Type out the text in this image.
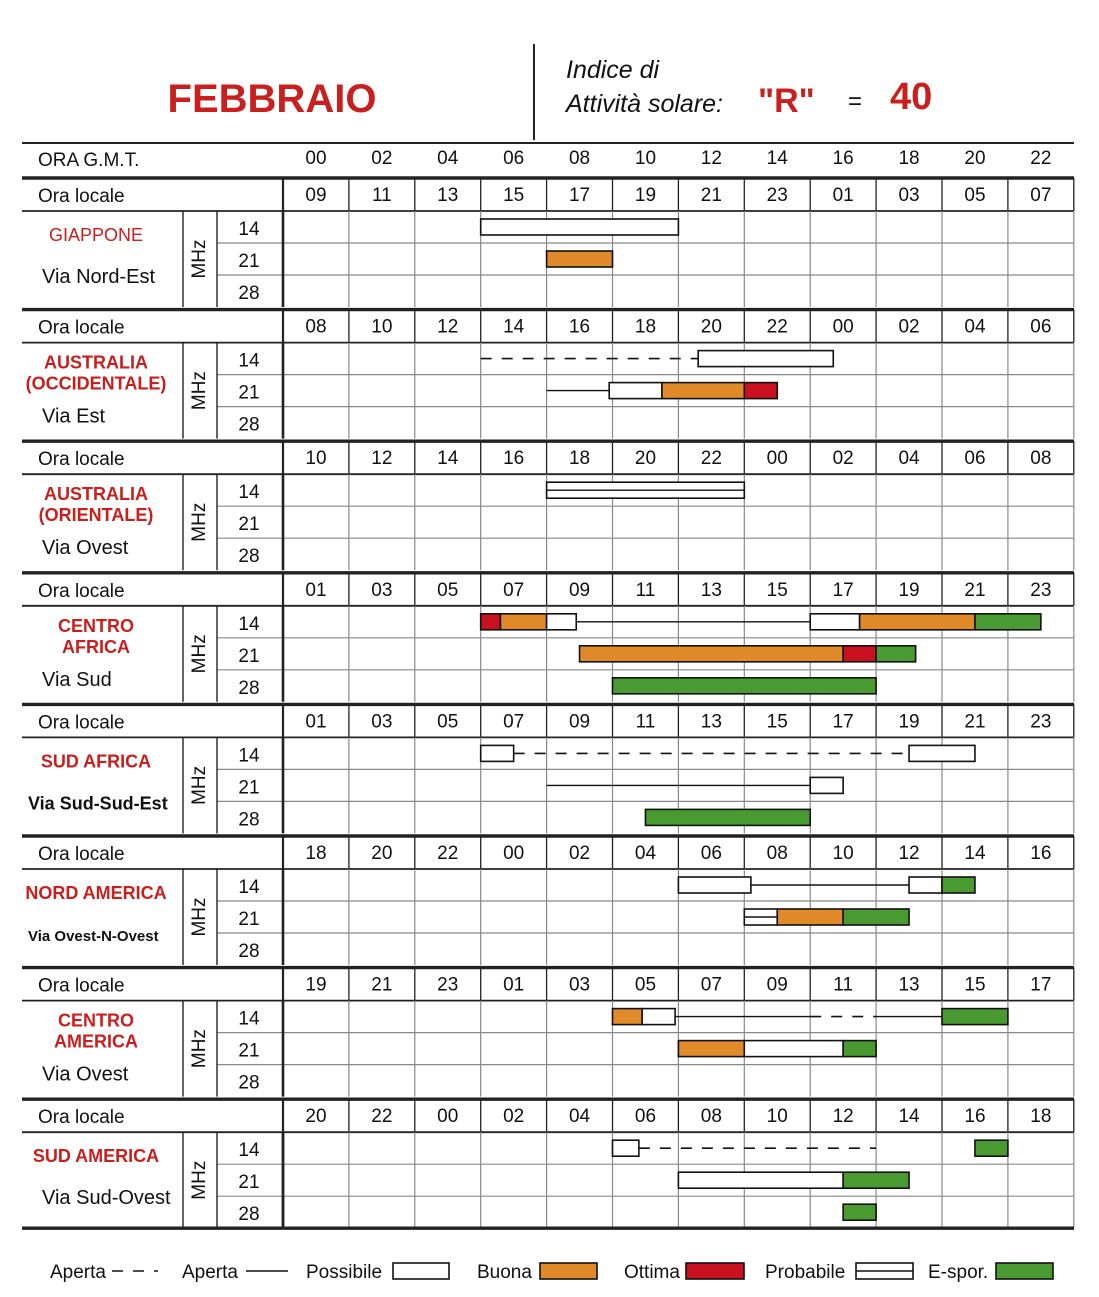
FEBBRAIO
Indice di
Attività solare: "R" = 40
ORA G.M.T.	00 02 04 06 08 10 12 14 16 18 20 22
Ora locale	09 11 13 15 17 19 21 23 01 03 05 07
MHz
14
21
28
GIAPPONE
Via Nord-Est
Ora locale	08 10 12 14 16 18 20 22 00 02 04 06
MHz
14
21
28
AUSTRALIA
(OCCIDENTALE)
Via Est
Ora locale	10 12 14 16 18 20 22 00 02 04 06 08
MHz
14
21
28
AUSTRALIA
(ORIENTALE)
Via Ovest
Ora locale	01 03 05 07 09 11 13 15 17 19 21 23
MHz
14
21
28
CENTRO
AFRICA
Via Sud
Ora locale	01 03 05 07 09 11 13 15 17 19 21 23
MHz
14
21
28
SUD AFRICA
Via Sud-Sud-Est
Ora locale	18 20 22 00 02 04 06 08 10 12 14 16
MHz
14
21
28
NORD AMERICA
Via Ovest-N-Ovest
Ora locale	19 21 23 01 03 05 07 09 11 13 15 17
MHz
14
21
28
CENTRO
AMERICA
Via Ovest
Ora locale	20 22 00 02 04 06 08 10 12 14 16 18
MHz
14
21
28
SUD AMERICA
Via Sud-Ovest
Aperta	Aperta	Possibile	Buona	Ottima	Probabile	E-spor.
